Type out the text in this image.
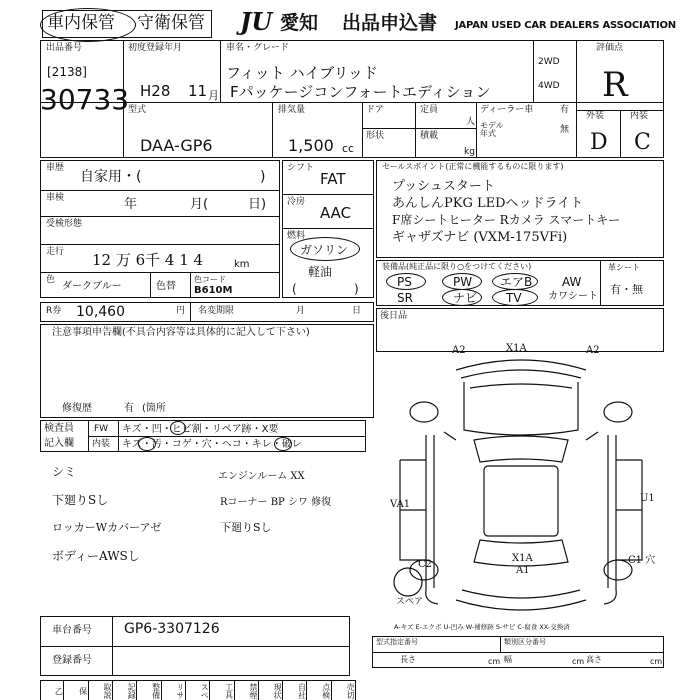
車内保管 守衛保管 JU 愛知 出品申込書 JAPAN USED CAR DEALERS ASSOCIATION
出品番号
[2138]
30733
初度登録年月
H28 11 月
車名・グレード
フィット ハイブリッド
Fパッケージコンフォートエディション
2WD
4WD
評価点
R
外装	内装
D C
型式
DAA-GP6
排気量
1,500 cc
ドア
形状
定員
人
積載
kg
ディーラー車
モデル年式
有
無
車歴
自家用・(	)
車検	年	月(	日)
受検形態
走行 12 万 6千 4 1 4	km
色
ダークブルー	色替
色コード
B610M
シフト
FAT
冷房
AAC
燃料
ガソリン
軽油
(	)
セールスポイント(正常に機能するものに限ります)
プッシュスタート
あんしんPKG LEDヘッドライト
F席シートヒーター Rカメラ スマートキー
ギャザズナビ (VXM-175VFi)
装備品(純正品に限り○をつけてください)
PS	PW エアB AW
SR	ナビ TV	カワシート
革シート
有・無
R券 10,460	円 名変期限	月	日
注意事項申告欄(不具合内容等は具体的に記入して下さい)
修復歴	有 (箇所
後日品
検査員
記入欄
FW キズ・凹・ヒビ割・リペア跡・X要
内装 キズ・汚・コゲ・穴・ヘコ・キレ・破レ
シミ
下廻りSし
ロッカーWカバーアゼ
ボディーAWSし
エンジンルーム XX
Rコーナー BP シワ 修復
下廻りSし
A2	X1A	A2
VA1
U1
C2
X1A
A1
C1 穴
スペア
A-キズ E-エクボ U-凹み W-補修跡 S-サビ C-腐食 XX-交換済
車台番号 GP6-3307126
登録番号
型式指定番号	類別区分番号
長さ	cm 幅	cm 高さ	cm
乙	保	取説	記録	整備	リサ	スペ	工具	禁煙	現状	自社	点検	売切
